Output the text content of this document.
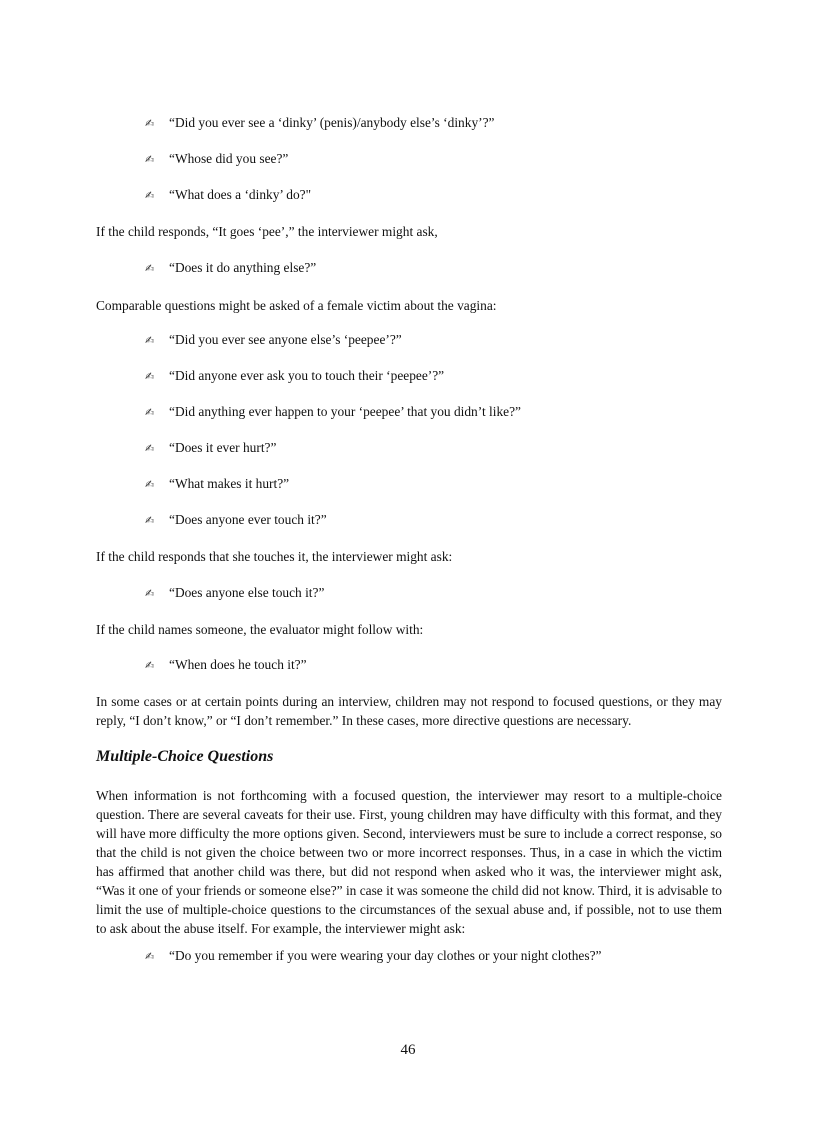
✍ “Did you ever see a ‘dinky’ (penis)/anybody else’s ‘dinky’?”
✍ “Whose did you see?”
✍ “What does a ‘dinky’ do?"
If the child responds, “It goes ‘pee’,” the interviewer might ask,
✍ “Does it do anything else?”
Comparable questions might be asked of a female victim about the vagina:
✍ “Did you ever see anyone else’s ‘peepee’?”
✍ “Did anyone ever ask you to touch their ‘peepee’?”
✍ “Did anything ever happen to your ‘peepee’ that you didn’t like?”
✍ “Does it ever hurt?”
✍ “What makes it hurt?”
✍ “Does anyone ever touch it?”
If the child responds that she touches it, the interviewer might ask:
✍ “Does anyone else touch it?”
If the child names someone, the evaluator might follow with:
✍ “When does he touch it?”
In some cases or at certain points during an interview, children may not respond to focused questions, or they may reply, “I don’t know,” or “I don’t remember.” In these cases, more directive questions are necessary.
Multiple-Choice Questions
When information is not forthcoming with a focused question, the interviewer may resort to a multiple-choice question. There are several caveats for their use. First, young children may have difficulty with this format, and they will have more difficulty the more options given. Second, interviewers must be sure to include a correct response, so that the child is not given the choice between two or more incorrect responses. Thus, in a case in which the victim has affirmed that another child was there, but did not respond when asked who it was, the interviewer might ask, “Was it one of your friends or someone else?” in case it was someone the child did not know. Third, it is advisable to limit the use of multiple-choice questions to the circumstances of the sexual abuse and, if possible, not to use them to ask about the abuse itself. For example, the interviewer might ask:
✍ “Do you remember if you were wearing your day clothes or your night clothes?”
46
